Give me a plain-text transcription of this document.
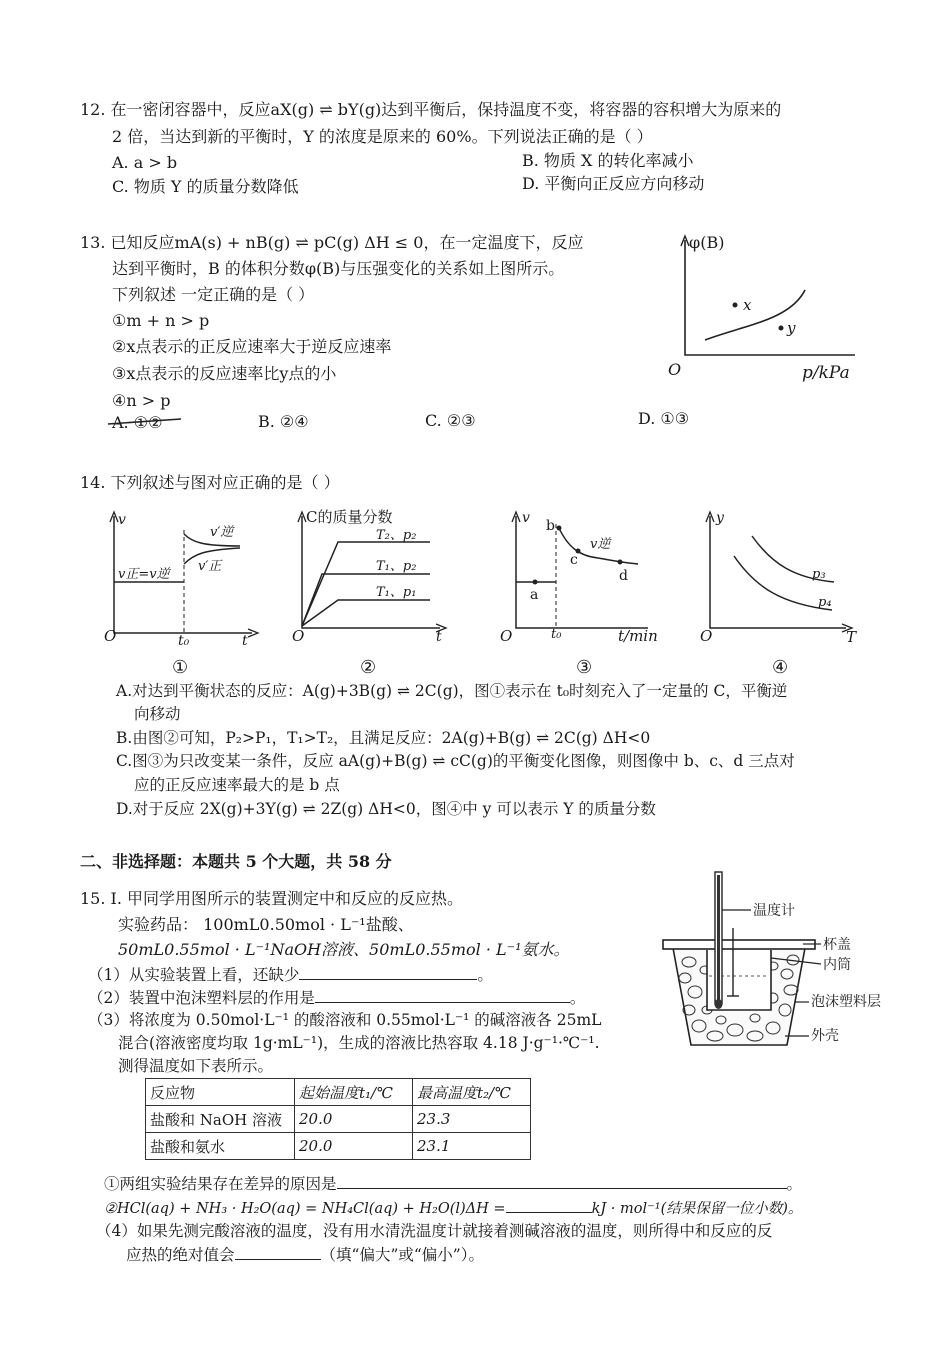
12. 在一密闭容器中，反应aX(g) ⇌ bY(g)达到平衡后，保持温度不变，将容器的容积增大为原来的
2 倍，当达到新的平衡时，Y 的浓度是原来的 60%。下列说法正确的是（ ）
A. a > b	B. 物质 X 的转化率减小
C. 物质 Y 的质量分数降低	D. 平衡向正反应方向移动
13. 已知反应mA(s) + nB(g) ⇌ pC(g) ΔH ≤ 0，在一定温度下，反应
达到平衡时，B 的体积分数φ(B)与压强变化的关系如上图所示。
下列叙述 一定正确的是（ ）
①m + n > p
②x点表示的正反应速率大于逆反应速率
③x点表示的反应速率比y点的小
④n > p
A. ①②	B. ②④	C. ②③	D. ①③
φ(B)
x
y
O	p/kPa
14. 下列叙述与图对应正确的是（ ）
v
v′逆
v′正
v正=v逆
O	t₀	t
①
C的质量分数
T₂、p₂
T₁、p₂
T₁、p₁
O	t
②
v b
v逆
c
d
a
O	t₀	t/min
③
y
p₃
p₄
O	T
④
A.对达到平衡状态的反应：A(g)+3B(g) ⇌ 2C(g)，图①表示在 t₀时刻充入了一定量的 C，平衡逆
向移动
B.由图②可知，P₂>P₁，T₁>T₂，且满足反应：2A(g)+B(g) ⇌ 2C(g) ΔH<0
C.图③为只改变某一条件，反应 aA(g)+B(g) ⇌ cC(g)的平衡变化图像，则图像中 b、c、d 三点对
应的正反应速率最大的是 b 点
D.对于反应 2X(g)+3Y(g) ⇌ 2Z(g) ΔH<0，图④中 y 可以表示 Y 的质量分数
二、非选择题：本题共 5 个大题，共 58 分
15. Ⅰ. 甲同学用图所示的装置测定中和反应的反应热。
实验药品： 100mL0.50mol · L⁻¹盐酸、
50mL0.55mol · L⁻¹NaOH溶液、50mL0.55mol · L⁻¹氨水。
（1）从实验装置上看，还缺少	。
（2）装置中泡沫塑料层的作用是	。
（3）将浓度为 0.50mol·L⁻¹ 的酸溶液和 0.55mol·L⁻¹ 的碱溶液各 25mL
混合(溶液密度均取 1g·mL⁻¹)，生成的溶液比热容取 4.18 J·g⁻¹·℃⁻¹.
测得温度如下表所示。
温度计
杯盖
内筒
泡沫塑料层
外壳
反应物	起始温度t₁/℃	最高温度t₂/℃
盐酸和 NaOH 溶液	20.0	23.3
盐酸和氨水	20.0	23.1
①两组实验结果存在差异的原因是	。
②HCl(aq) + NH₃ · H₂O(aq) = NH₄Cl(aq) + H₂O(l)ΔH =	kJ · mol⁻¹(结果保留一位小数)。
（4）如果先测完酸溶液的温度，没有用水清洗温度计就接着测碱溶液的温度，则所得中和反应的反
应热的绝对值会	（填“偏大”或“偏小”）。
